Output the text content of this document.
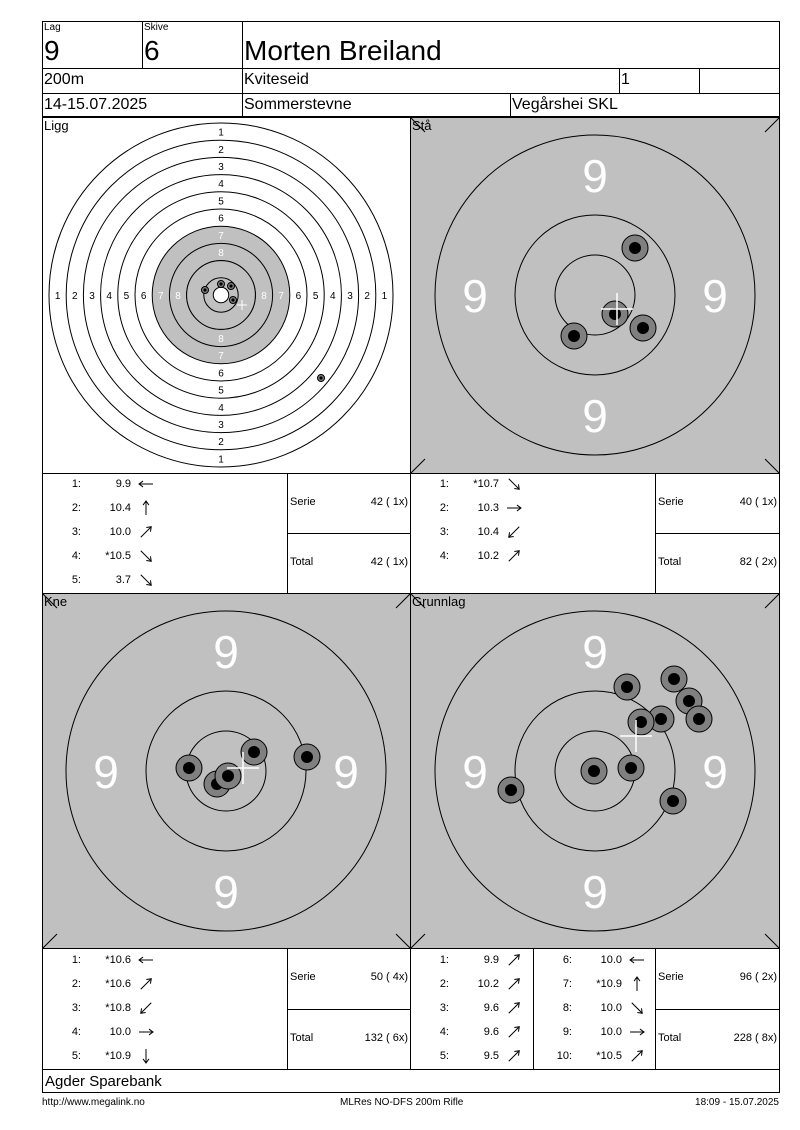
Lag
9
Skive
6	Morten Breiland
200m	Kviteseid	1
14-15.07.2025	Sommerstevne	Vegårshei SKL
1
1
1	1
2
2
2	2
3
3
3	3
4
4
4	4
5
5
5	5
6
6
6	6
7
7
7	7
8
8
8	8
Ligg
9
9
9	9
Stå
9
9
9	9
Kne
9
9
9	9
Grunnlag
1:	9.9
2:	10.4
3:	10.0
4:	*10.5
5:	3.7
1:	*10.7
2:	10.3
3:	10.4
4:	10.2
1:	*10.6
2:	*10.6
3:	*10.8
4:	10.0
5:	*10.9
1:	9.9
2:	10.2
3:	9.6
4:	9.6
5:	9.5
6:	10.0
7:	*10.9
8:	10.0
9:	10.0
10:	*10.5
Serie	42 ( 1x)
Total	42 ( 1x)
Serie	40 ( 1x)
Total	82 ( 2x)
Serie	50 ( 4x)
Total	132 ( 6x)
Serie	96 ( 2x)
Total	228 ( 8x)
Agder Sparebank
http://www.megalink.no	MLRes NO-DFS 200m Rifle	18:09 - 15.07.2025
